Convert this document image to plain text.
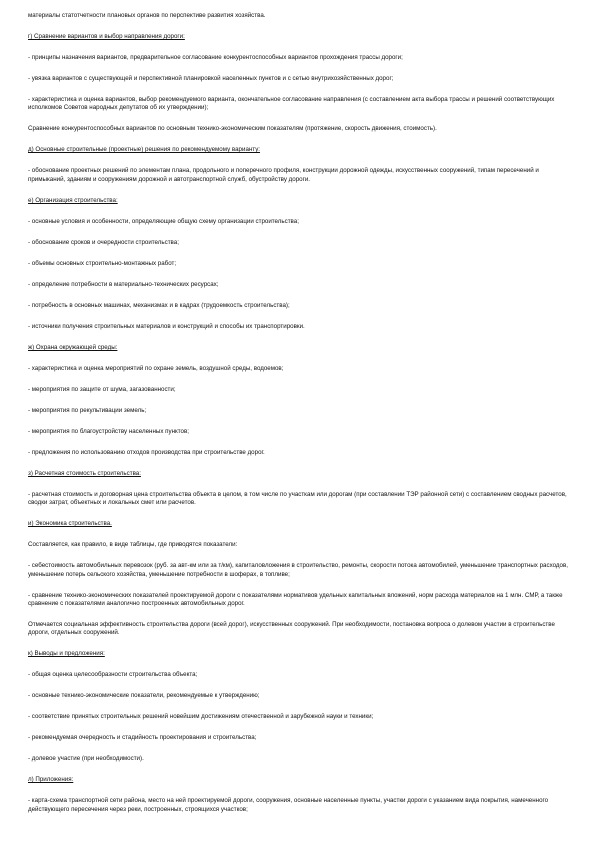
материалы статотчетности плановых органов по перспективе развития хозяйства.
г) Сравнение вариантов и выбор направления дороги:
- принципы назначения вариантов, предварительное согласование конкурентоспособных вариантов прохождения трассы дороги;
- увязка вариантов с существующей и перспективной планировкой населенных пунктов и с сетью внутрихозяйственных дорог;
- характеристика и оценка вариантов, выбор рекомендуемого варианта, окончательное согласование направления (с составлением акта выбора трассы и решений соответствующих исполкомов Советов народных депутатов об их утверждении);
Сравнение конкурентоспособных вариантов по основным технико-экономическим показателям (протяжение, скорость движения, стоимость).
д) Основные строительные (проектные) решения по рекомендуемому варианту:
- обоснование проектных решений по элементам плана, продольного и поперечного профиля, конструкции дорожной одежды, искусственных сооружений, типам пересечений и примыканий, зданиям и сооружениям дорожной и автотранспортной служб, обустройству дороги.
е) Организация строительства:
- основные условия и особенности, определяющие общую схему организации строительства;
- обоснование сроков и очередности строительства;
- объемы основных строительно-монтажных работ;
- определение потребности в материально-технических ресурсах;
- потребность в основных машинах, механизмах и в кадрах (трудоемкость строительства);
- источники получения строительных материалов и конструкций и способы их транспортировки.
ж) Охрана окружающей среды:
- характеристика и оценка мероприятий по охране земель, воздушной среды, водоемов;
- мероприятия по защите от шума, загазованности;
- мероприятия по рекультивации земель;
- мероприятия по благоустройству населенных пунктов;
- предложения по использованию отходов производства при строительстве дорог.
з) Расчетная стоимость строительства:
- расчетная стоимость и договорная цена строительства объекта в целом, в том числе по участкам или дорогам (при составлении ТЭР районной сети) с составлением сводных расчетов, сводки затрат, объектных и локальных смет или расчетов.
и) Экономика строительства.
Составляется, как правило, в виде таблицы, где приводятся показатели:
- себестоимость автомобильных перевозок (руб. за авт-км или за т/км), капиталовложения в строительство, ремонты, скорости потока автомобилей, уменьшение транспортных расходов, уменьшение потерь сельского хозяйства, уменьшение потребности в шоферах, в топливе;
- сравнение технико-экономических показателей проектируемой дороги с показателями нормативов удельных капитальных вложений, норм расхода материалов на 1 млн. СМР, а также сравнение с показателями аналогично построенных автомобильных дорог.
Отмечается социальная эффективность строительства дороги (всей дорог), искусственных сооружений. При необходимости, постановка вопроса о долевом участии в строительстве дороги, отдельных сооружений.
к) Выводы и предложения:
- общая оценка целесообразности строительства объекта;
- основные технико-экономические показатели, рекомендуемые к утверждению;
- соответствие принятых строительных решений новейшим достижениям отечественной и зарубежной науки и техники;
- рекомендуемая очередность и стадийность проектирования и строительства;
- долевое участие (при необходимости).
л) Приложения:
- карта-схема транспортной сети района, место на ней проектируемой дороги, сооружения, основные населенные пункты, участки дороги с указанием вида покрытия, намеченного действующего пересечения через реки, построенных, строящихся участков;
